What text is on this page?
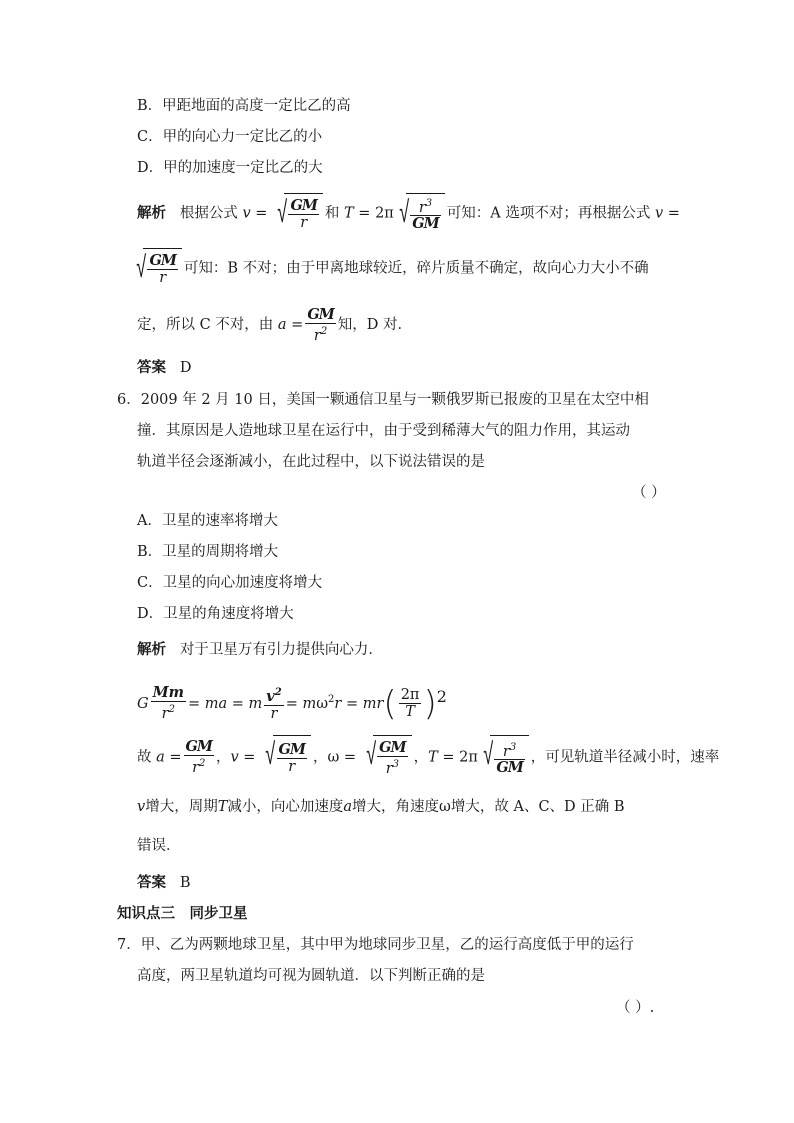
B．甲距地面的高度一定比乙的高
C．甲的向心力一定比乙的小
D．甲的加速度一定比乙的大
解析 根据公式 v = √ $\frac{GM}{r}$ 和 T = 2π √ $\frac{r^3}{GM}$ 可知：A 选项不对；再根据公式 v =
√ $\frac{GM}{r}$ 可知：B 不对；由于甲离地球较近，碎片质量不确定，故向心力大小不确
定，所以 C 不对，由 $a = \frac{GM}{r^2}$ 知，D 对．
答案 D
6．2009 年 2 月 10 日，美国一颗通信卫星与一颗俄罗斯已报废的卫星在太空中相
撞．其原因是人造地球卫星在运行中，由于受到稀薄大气的阻力作用，其运动
轨道半径会逐渐减小，在此过程中，以下说法错误的是
（ ）
A．卫星的速率将增大
B．卫星的周期将增大
C．卫星的向心加速度将增大
D．卫星的角速度将增大
解析 对于卫星万有引力提供向心力．
G $\frac{Mm}{r^2}$ = ma = m $\frac{v^2}{r} = m\omega^2r = mr( \frac{2\pi}{T} )2$
故 $a = \frac{GM}{r^2}$ ，v = √ $\frac{GM}{r}$ ，ω = √ $\frac{GM}{r^3}$ ，T = 2π √ $\frac{r^3}{GM}$ ，可见轨道半径减小时，速率
v增大，周期T减小，向心加速度a增大，角速度ω增大，故 A、C、D 正确 B
错误．
答案 B
知识点三　同步卫星
7．甲、乙为两颗地球卫星，其中甲为地球同步卫星，乙的运行高度低于甲的运行
高度，两卫星轨道均可视为圆轨道．以下判断正确的是
（ ）.
